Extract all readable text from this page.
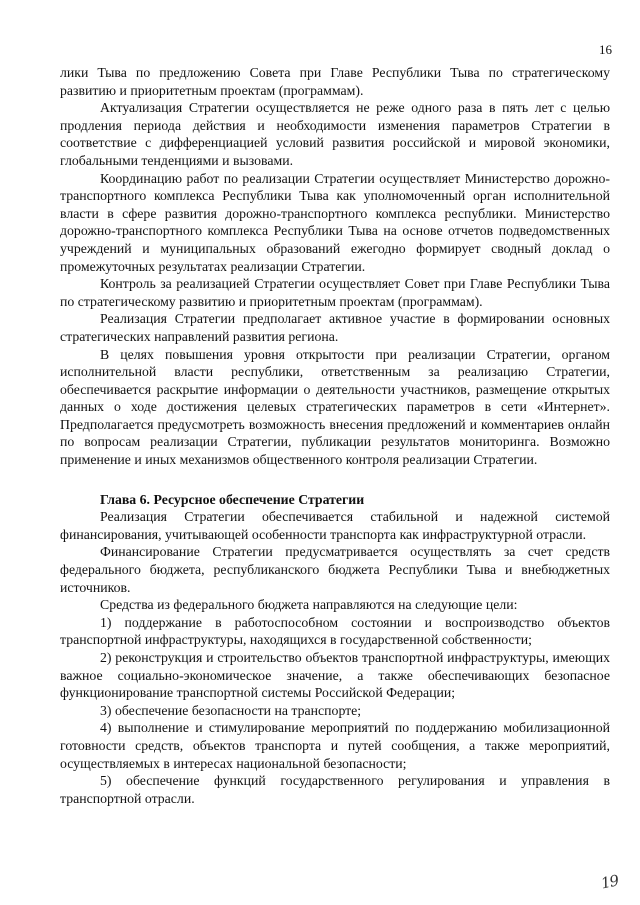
16

лики Тыва по предложению Совета при Главе Республики Тыва по стратегическому развитию и приоритетным проектам (программам).

Актуализация Стратегии осуществляется не реже одного раза в пять лет с целью продления периода действия и необходимости изменения параметров Стратегии в соответствие с дифференциацией условий развития российской и мировой экономики, глобальными тенденциями и вызовами.

Координацию работ по реализации Стратегии осуществляет Министерство дорожно-транспортного комплекса Республики Тыва как уполномоченный орган исполнительной власти в сфере развития дорожно-транспортного комплекса республики. Министерство дорожно-транспортного комплекса Республики Тыва на основе отчетов подведомственных учреждений и муниципальных образований ежегодно формирует сводный доклад о промежуточных результатах реализации Стратегии.

Контроль за реализацией Стратегии осуществляет Совет при Главе Республики Тыва по стратегическому развитию и приоритетным проектам (программам).

Реализация Стратегии предполагает активное участие в формировании основных стратегических направлений развития региона.

В целях повышения уровня открытости при реализации Стратегии, органом исполнительной власти республики, ответственным за реализацию Стратегии, обеспечивается раскрытие информации о деятельности участников, размещение открытых данных о ходе достижения целевых стратегических параметров в сети «Интернет». Предполагается предусмотреть возможность внесения предложений и комментариев онлайн по вопросам реализации Стратегии, публикации результатов мониторинга. Возможно применение и иных механизмов общественного контроля реализации Стратегии.

Глава 6. Ресурсное обеспечение Стратегии

Реализация Стратегии обеспечивается стабильной и надежной системой финансирования, учитывающей особенности транспорта как инфраструктурной отрасли.

Финансирование Стратегии предусматривается осуществлять за счет средств федерального бюджета, республиканского бюджета Республики Тыва и внебюджетных источников.

Средства из федерального бюджета направляются на следующие цели:

1) поддержание в работоспособном состоянии и воспроизводство объектов транспортной инфраструктуры, находящихся в государственной собственности;

2) реконструкция и строительство объектов транспортной инфраструктуры, имеющих важное социально-экономическое значение, а также обеспечивающих безопасное функционирование транспортной системы Российской Федерации;

3) обеспечение безопасности на транспорте;

4) выполнение и стимулирование мероприятий по поддержанию мобилизационной готовности средств, объектов транспорта и путей сообщения, а также мероприятий, осуществляемых в интересах национальной безопасности;

5) обеспечение функций государственного регулирования и управления в транспортной отрасли.

19
